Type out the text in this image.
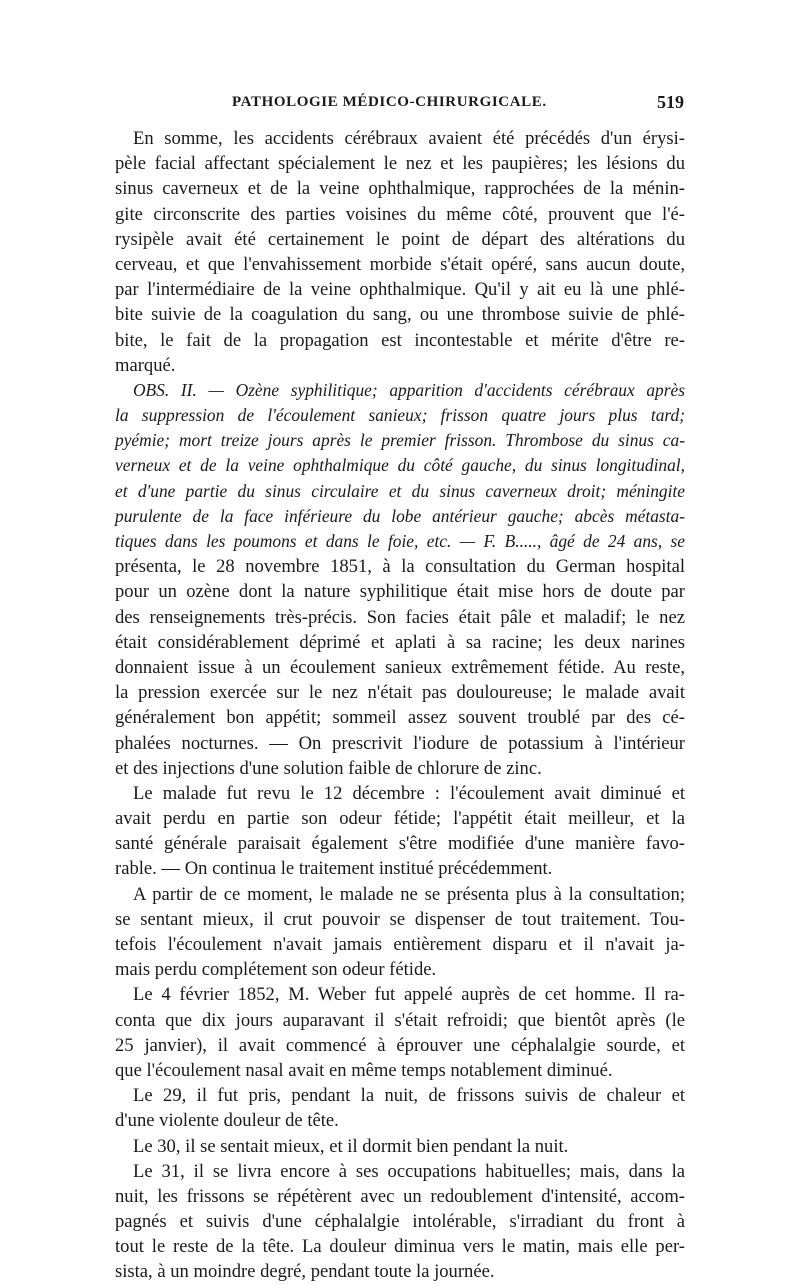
PATHOLOGIE MÉDICO-CHIRURGICALE.	519
En somme, les accidents cérébraux avaient été précédés d'un érysi-
pèle facial affectant spécialement le nez et les paupières; les lésions du
sinus caverneux et de la veine ophthalmique, rapprochées de la ménin-
gite circonscrite des parties voisines du même côté, prouvent que l'é-
rysipèle avait été certainement le point de départ des altérations du
cerveau, et que l'envahissement morbide s'était opéré, sans aucun doute,
par l'intermédiaire de la veine ophthalmique. Qu'il y ait eu là une phlé-
bite suivie de la coagulation du sang, ou une thrombose suivie de phlé-
bite, le fait de la propagation est incontestable et mérite d'être re-
marqué.
OBS. II. — Ozène syphilitique; apparition d'accidents cérébraux après
la suppression de l'écoulement sanieux; frisson quatre jours plus tard;
pyémie; mort treize jours après le premier frisson. Thrombose du sinus ca-
verneux et de la veine ophthalmique du côté gauche, du sinus longitudinal,
et d'une partie du sinus circulaire et du sinus caverneux droit; méningite
purulente de la face inférieure du lobe antérieur gauche; abcès métasta-
tiques dans les poumons et dans le foie, etc. — F. B....., âgé de 24 ans, se
présenta, le 28 novembre 1851, à la consultation du German hospital
pour un ozène dont la nature syphilitique était mise hors de doute par
des renseignements très-précis. Son facies était pâle et maladif; le nez
était considérablement déprimé et aplati à sa racine; les deux narines
donnaient issue à un écoulement sanieux extrêmement fétide. Au reste,
la pression exercée sur le nez n'était pas douloureuse; le malade avait
généralement bon appétit; sommeil assez souvent troublé par des cé-
phalées nocturnes. — On prescrivit l'iodure de potassium à l'intérieur
et des injections d'une solution faible de chlorure de zinc.
Le malade fut revu le 12 décembre : l'écoulement avait diminué et
avait perdu en partie son odeur fétide; l'appétit était meilleur, et la
santé générale paraisait également s'être modifiée d'une manière favo-
rable. — On continua le traitement institué précédemment.
A partir de ce moment, le malade ne se présenta plus à la consultation;
se sentant mieux, il crut pouvoir se dispenser de tout traitement. Tou-
tefois l'écoulement n'avait jamais entièrement disparu et il n'avait ja-
mais perdu complétement son odeur fétide.
Le 4 février 1852, M. Weber fut appelé auprès de cet homme. Il ra-
conta que dix jours auparavant il s'était refroidi; que bientôt après (le
25 janvier), il avait commencé à éprouver une céphalalgie sourde, et
que l'écoulement nasal avait en même temps notablement diminué.
Le 29, il fut pris, pendant la nuit, de frissons suivis de chaleur et
d'une violente douleur de tête.
Le 30, il se sentait mieux, et il dormit bien pendant la nuit.
Le 31, il se livra encore à ses occupations habituelles; mais, dans la
nuit, les frissons se répétèrent avec un redoublement d'intensité, accom-
pagnés et suivis d'une céphalalgie intolérable, s'irradiant du front à
tout le reste de la tête. La douleur diminua vers le matin, mais elle per-
sista, à un moindre degré, pendant toute la journée.
